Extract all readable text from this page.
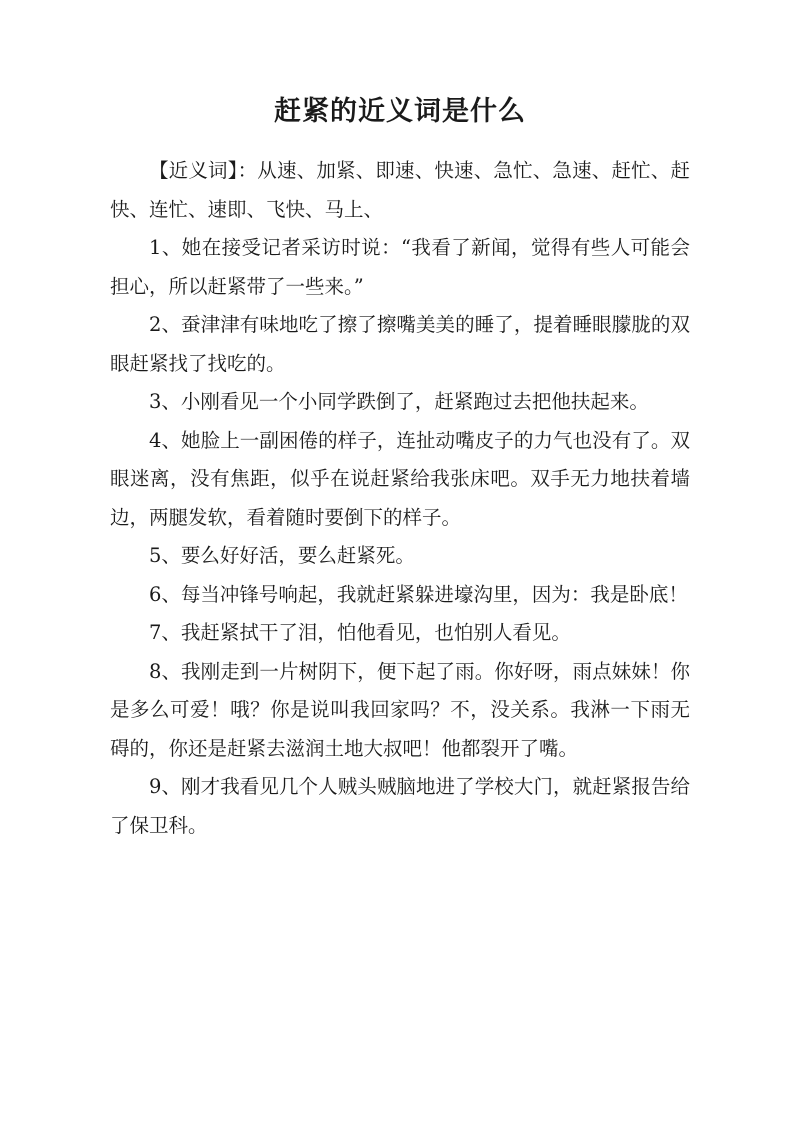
赶紧的近义词是什么

【近义词】：从速、加紧、即速、快速、急忙、急速、赶忙、赶快、连忙、速即、飞快、马上、

1、她在接受记者采访时说：“我看了新闻，觉得有些人可能会担心，所以赶紧带了一些来。”

2、蚕津津有味地吃了擦了擦嘴美美的睡了，提着睡眼朦胧的双眼赶紧找了找吃的。

3、小刚看见一个小同学跌倒了，赶紧跑过去把他扶起来。

4、她脸上一副困倦的样子，连扯动嘴皮子的力气也没有了。双眼迷离，没有焦距，似乎在说赶紧给我张床吧。双手无力地扶着墙边，两腿发软，看着随时要倒下的样子。

5、要么好好活，要么赶紧死。

6、每当冲锋号响起，我就赶紧躲进壕沟里，因为：我是卧底！

7、我赶紧拭干了泪，怕他看见，也怕别人看见。

8、我刚走到一片树阴下，便下起了雨。你好呀，雨点妹妹！你是多么可爱！哦？你是说叫我回家吗？不，没关系。我淋一下雨无碍的，你还是赶紧去滋润土地大叔吧！他都裂开了嘴。

9、刚才我看见几个人贼头贼脑地进了学校大门，就赶紧报告给了保卫科。
